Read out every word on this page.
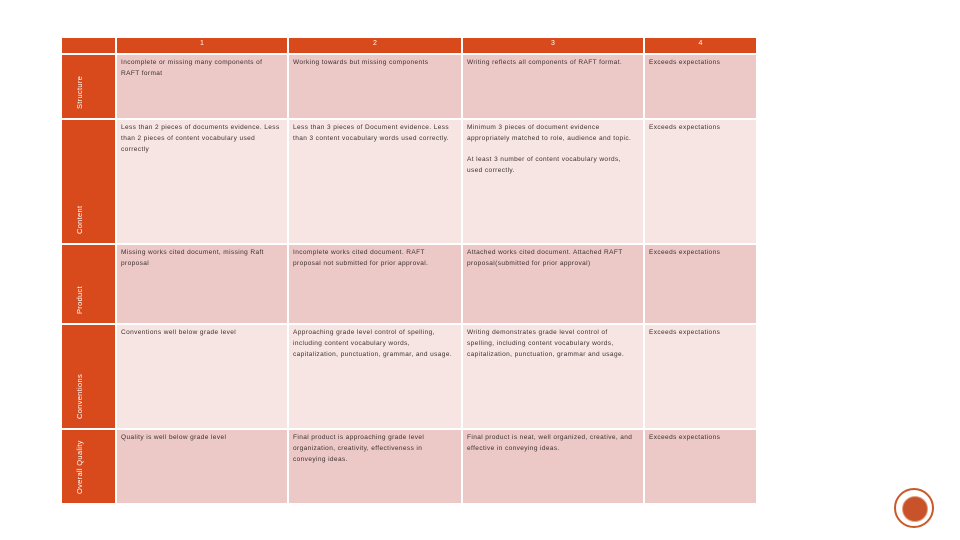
	1	2	3	4

Structure	Incomplete or missing many components of RAFT format	Working towards but missing components	Writing reflects all components of RAFT format.	Exceeds expectations

Content	Less than 2 pieces of documents evidence. Less than 2 pieces of content vocabulary used correctly	Less than 3 pieces of Document evidence. Less than 3 content vocabulary words used correctly.	Minimum 3 pieces of document evidence appropriately matched to role, audience and topic.
At least 3 number of content vocabulary words, used correctly.	Exceeds expectations

Product	Missing works cited document, missing Raft proposal	Incomplete works cited document. RAFT proposal not submitted for prior approval.	Attached works cited document. Attached RAFT proposal(submitted for prior approval)	Exceeds expectations

Conventions	Conventions well below grade level	Approaching grade level control of spelling, including content vocabulary words, capitalization, punctuation, grammar, and usage.	Writing demonstrates grade level control of spelling, including content vocabulary words, capitalization, punctuation, grammar and usage.	Exceeds expectations

Overall Quality	Quality is well below grade level	Final product is approaching grade level organization, creativity, effectiveness in conveying ideas.	Final product is neat, well organized, creative, and effective in conveying ideas.	Exceeds expectations
